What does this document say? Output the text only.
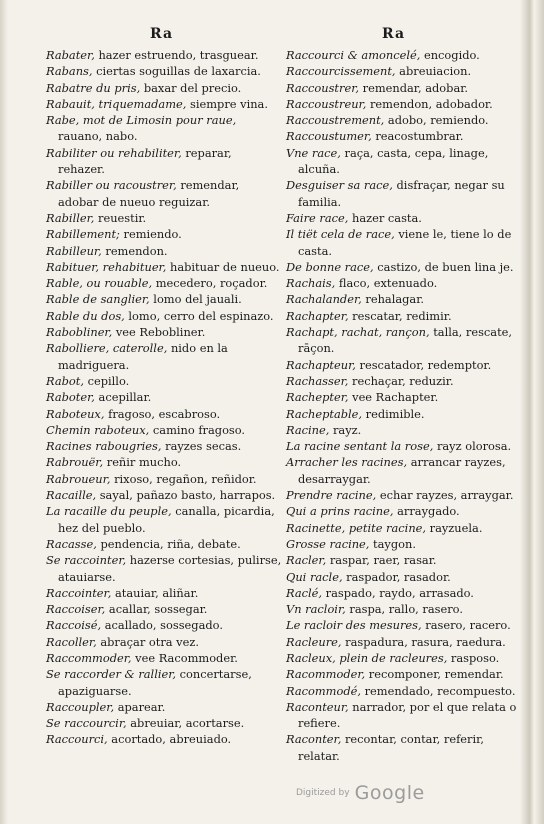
Ra	Ra

Rabater, hazer estruendo, trasguear.

Rabans, ciertas soguillas de laxarcia.

Rabatre du pris, baxar del precio.

Rabauit, triquemadame, siempre vina.

Rabe, mot de Limosin pour raue, rauano, nabo.

Rabiliter ou rehabiliter, reparar, rehazer.

Rabiller ou racoustrer, remendar, adobar de nueuo reguizar.

Rabiller, reuestir.

Rabillement; remiendo.

Rabilleur, remendon.

Rabituer, rehabituer, habituar de nueuo.

Rable, ou rouable, mecedero, roçador.

Rable de sanglier, lomo del jauali.

Rable du dos, lomo, cerro del espinazo.

Rabobliner, vee Rebobliner.

Rabolliere, caterolle, nido en la madriguera.

Rabot, cepillo.

Raboter, acepillar.

Raboteux, fragoso, escabroso.

Chemin raboteux, camino fragoso.

Racines rabougries, rayzes secas.

Rabrouër, reñir mucho.

Rabroueur, rixoso, regañon, reñidor.

Racaille, sayal, pañazo basto, harrapos.

La racaille du peuple, canalla, picardia, hez del pueblo.

Racasse, pendencia, riña, debate.

Se raccointer, hazerse cortesias, pulirse, atauiarse.

Raccointer, atauiar, aliñar.

Raccoiser, acallar, sossegar.

Raccoisé, acallado, sossegado.

Racoller, abraçar otra vez.

Raccommoder, vee Racommoder.

Se raccorder & rallier, concertarse, apaziguarse.

Raccoupler, aparear.

Se raccourcir, abreuiar, acortarse.

Raccourci, acortado, abreuiado.

Raccourci & amoncelé, encogido.

Raccourcissement, abreuiacion.

Raccoustrer, remendar, adobar.

Raccoustreur, remendon, adobador.

Raccoustrement, adobo, remiendo.

Raccoustumer, reacostumbrar.

Vne race, raça, casta, cepa, linage, alcuña.

Desguiser sa race, disfraçar, negar su familia.

Faire race, hazer casta.

Il tiët cela de race, viene le, tiene lo de casta.

De bonne race, castizo, de buen lina je.

Rachais, flaco, extenuado.

Rachalander, rehalagar.

Rachapter, rescatar, redimir.

Rachapt, rachat, rançon, talla, rescate, rāçon.

Rachapteur, rescatador, redemptor.

Rachasser, rechaçar, reduzir.

Rachepter, vee Rachapter.

Racheptable, redimible.

Racine, rayz.

La racine sentant la rose, rayz olorosa.

Arracher les racines, arrancar rayzes, desarraygar.

Prendre racine, echar rayzes, arraygar.

Qui a prins racine, arraygado.

Racinette, petite racine, rayzuela.

Grosse racine, taygon.

Racler, raspar, raer, rasar.

Qui racle, raspador, rasador.

Raclé, raspado, raydo, arrasado.

Vn racloir, raspa, rallo, rasero.

Le racloir des mesures, rasero, racero.

Racleure, raspadura, rasura, raedura.

Racleux, plein de racleures, rasposo.

Racommoder, recomponer, remendar.

Racommodé, remendado, recompuesto.

Raconteur, narrador, por el que relata o refiere.

Raconter, recontar, contar, referir, relatar.

Digitized by Google
